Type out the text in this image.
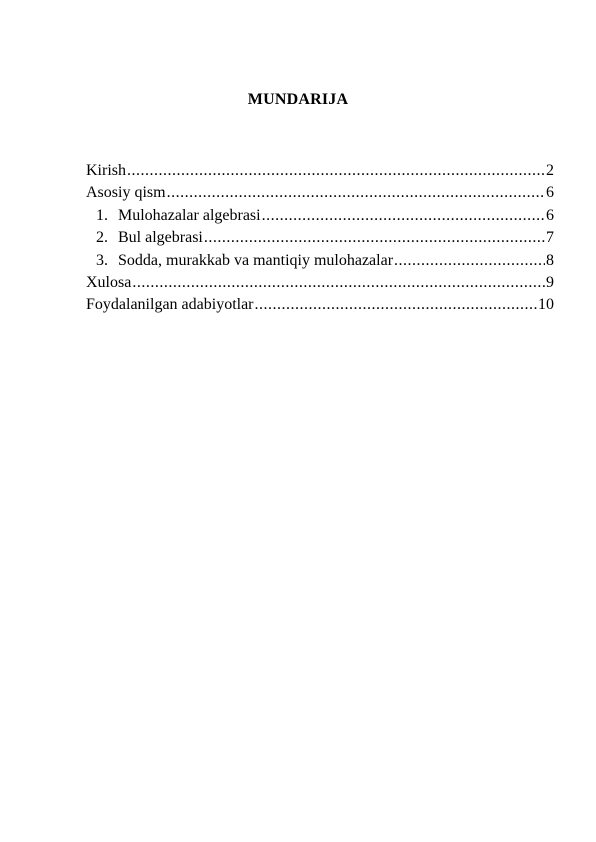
MUNDARIJA
Kirish .....	2
Asosiy qism .....	6
1. Mulohazalar algebrasi .....	6
2. Bul algebrasi .....	7
3. Sodda, murakkab va mantiqiy mulohazalar .....	8
Xulosa .....	9
Foydalanilgan adabiyotlar .....	10
